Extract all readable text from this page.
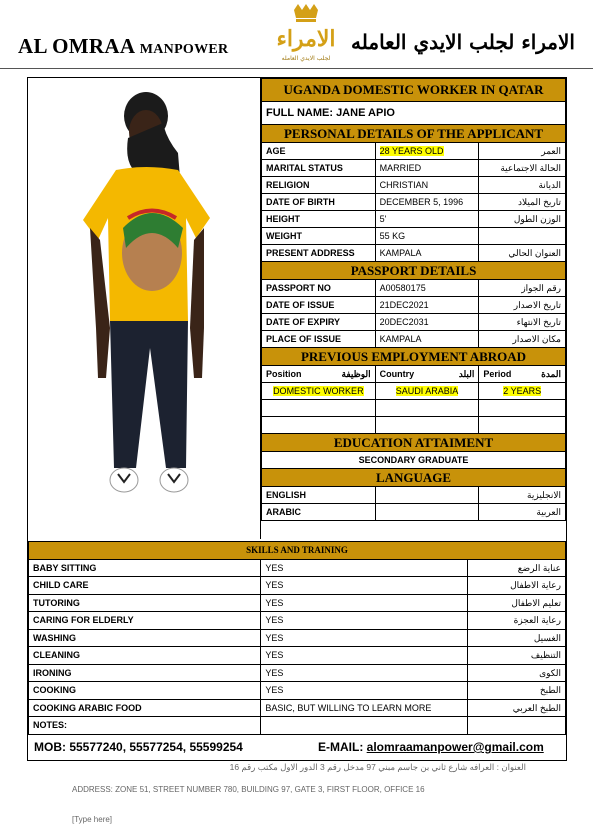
AL OMRAA MANPOWER الامراء
لجلب الايدي العامله
الامراء لجلب الايدي العامله
UGANDA DOMESTIC WORKER IN QATAR		
FULL NAME: JANE APIO		
PERSONAL DETAILS OF THE APPLICANT		
AGE	28 YEARS OLD	العمر
MARITAL STATUS	MARRIED	الحالة الاجتماعية
RELIGION	CHRISTIAN	الديانة
DATE OF BIRTH	DECEMBER 5, 1996	تاريخ الميلاد
HEIGHT	5'	الوزن الطول
WEIGHT	55 KG	
PRESENT ADDRESS	KAMPALA	العنوان الحالي
PASSPORT DETAILS		
PASSPORT NO	A00580175	رقم الجواز
DATE OF ISSUE	21DEC2021	تاريخ الاصدار
DATE OF EXPIRY	20DEC2031	تاريخ الانتهاء
PLACE OF ISSUE	KAMPALA	مكان الاصدار
PREVIOUS EMPLOYMENT ABROAD		
Position الوظيفة	Country البلد	Period المدة

DOMESTIC WORKER	SAUDI ARABIA	2 YEARS

EDUCATION ATTAIMENT		
SECONDARY GRADUATE		
LANGUAGE		
ENGLISH		الانجليزية
ARABIC		العربية
SKILLS AND TRAINING		
BABY SITTING	YES	عناية الرضع
CHILD CARE	YES	رعاية الاطفال
TUTORING	YES	تعليم الاطفال
CARING FOR ELDERLY	YES	رعاية العجزة
WASHING	YES	الغسيل
CLEANING	YES	التنظيف
IRONING	YES	الكوى
COOKING	YES	الطبخ
COOKING ARABIC FOOD	BASIC, BUT WILLING TO LEARN MORE	الطبخ العربي
NOTES:		
MOB: 55577240, 55577254, 55599254	E-MAIL: alomraamanpower@gmail.com
العنوان : العرافه شارع ثاني بن جاسم مبني 97 مدخل رقم 3 الدور الاول مكتب رقم 16
ADDRESS: ZONE 51, STREET NUMBER 780, BUILDING 97, GATE 3, FIRST FLOOR, OFFICE 16
[Type here]
